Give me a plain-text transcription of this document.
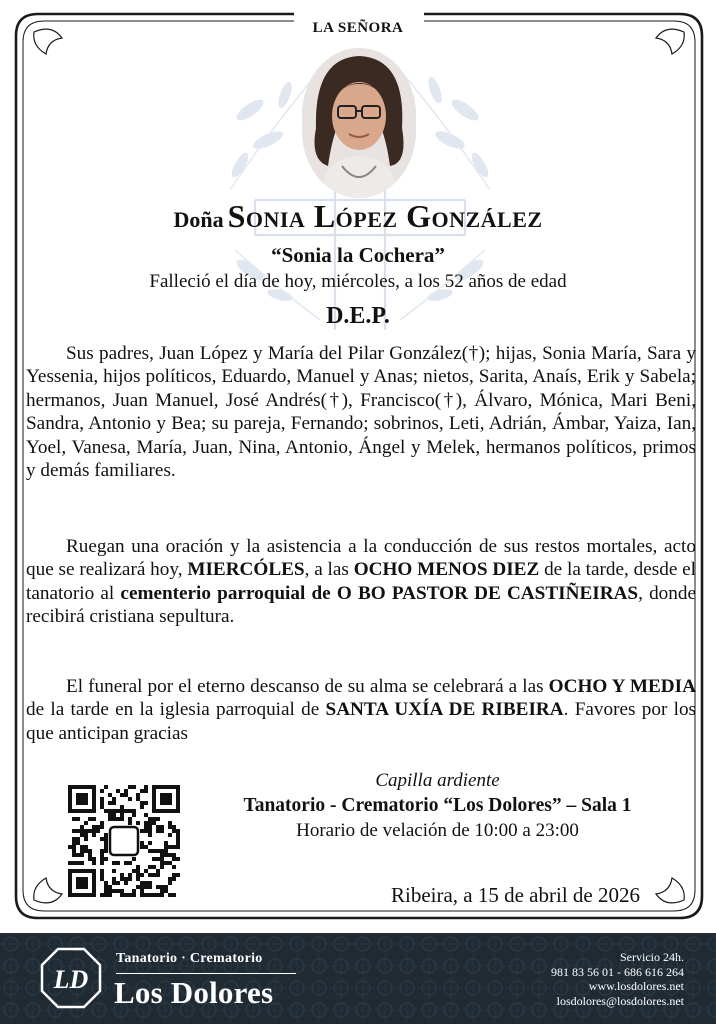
LA SEÑORA
Doña Sonia López González
“Sonia la Cochera”
Falleció el día de hoy, miércoles, a los 52 años de edad
D.E.P.

Sus padres, Juan López y María del Pilar González(†); hijas, Sonia María, Sara y Yessenia, hijos políticos, Eduardo, Manuel y Anas; nietos, Sarita, Anaís, Erik y Sabela; hermanos, Juan Manuel, José Andrés(†), Francisco(†), Álvaro, Mónica, Mari Beni, Sandra, Antonio y Bea; su pareja, Fernando; sobrinos, Leti, Adrián, Ámbar, Yaiza, Ian, Yoel, Vanesa, María, Juan, Nina, Antonio, Ángel y Melek, hermanos políticos, primos y demás familiares.

Ruegan una oración y la asistencia a la conducción de sus restos mortales, acto que se realizará hoy, MIERCÓLES, a las OCHO MENOS DIEZ de la tarde, desde el tanatorio al cementerio parroquial de O BO PASTOR DE CASTIÑEIRAS, donde recibirá cristiana sepultura.

El funeral por el eterno descanso de su alma se celebrará a las OCHO Y MEDIA de la tarde en la iglesia parroquial de SANTA UXÍA DE RIBEIRA. Favores por los que anticipan gracias

Capilla ardiente
Tanatorio - Crematorio “Los Dolores” – Sala 1
Horario de velación de 10:00 a 23:00
Ribeira, a 15 de abril de 2026
LD
Tanatorio · Crematorio
Los Dolores
Servicio 24h.
981 83 56 01 - 686 616 264
www.losdolores.net
losdolores@losdolores.net
